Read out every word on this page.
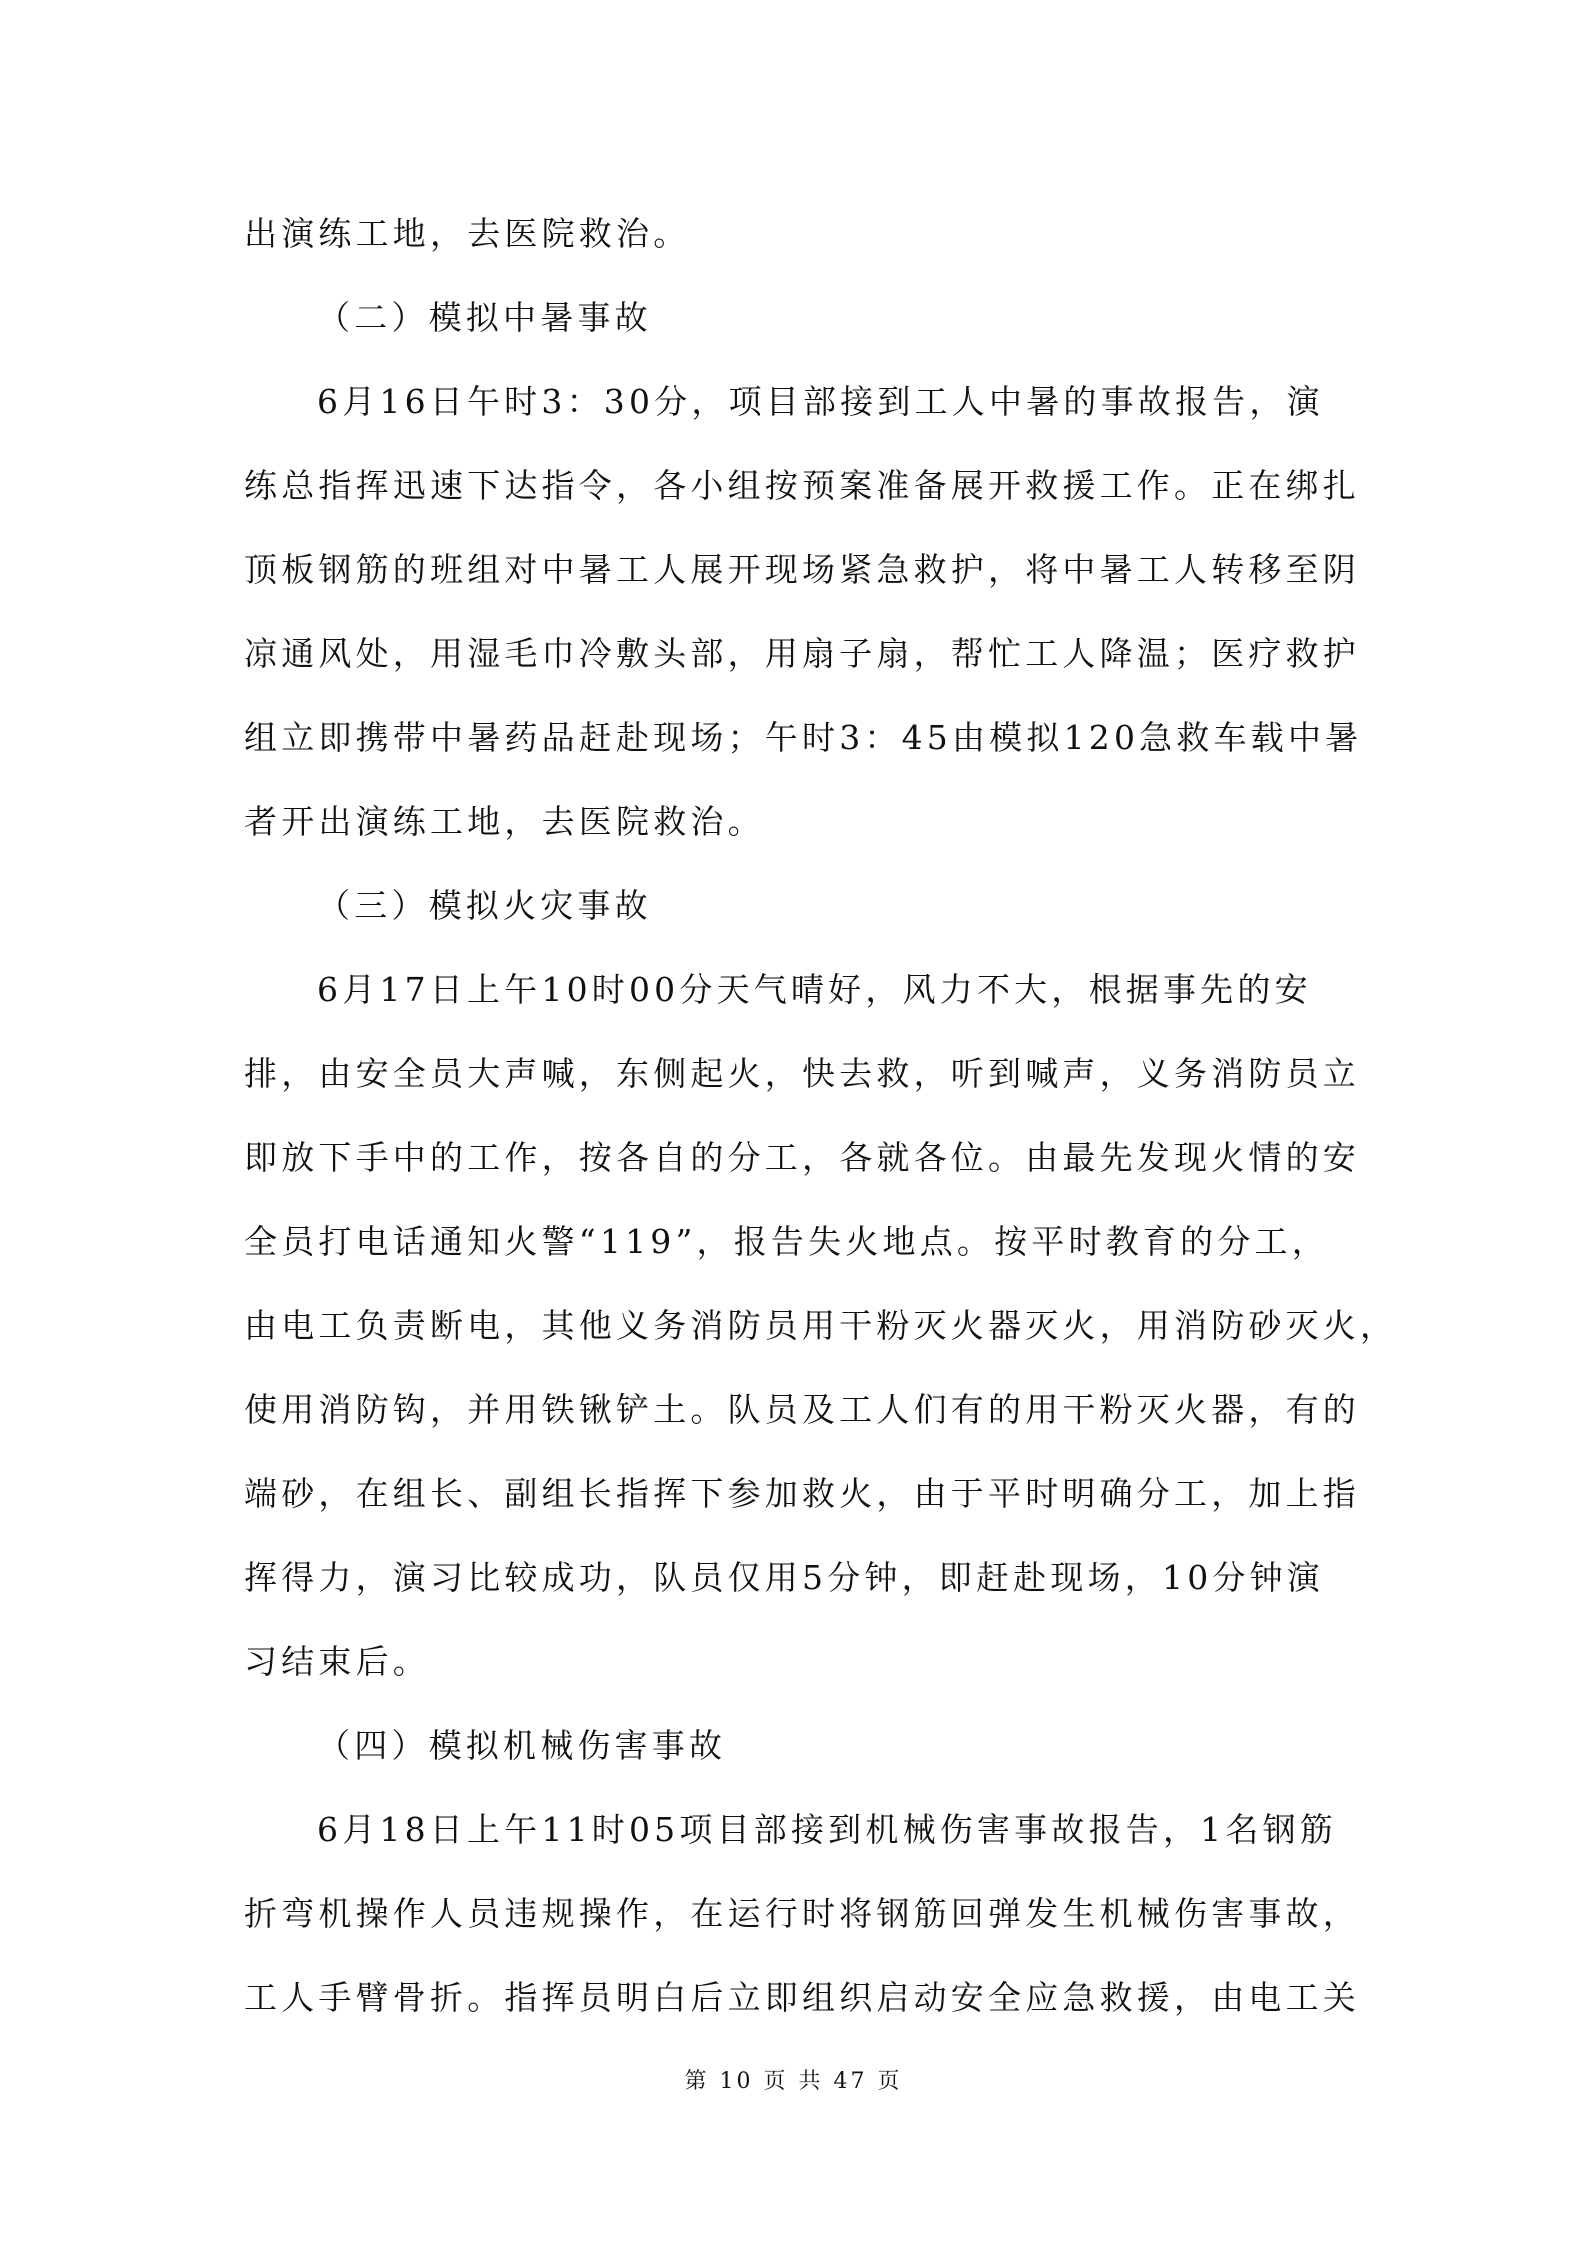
出演练工地，去医院救治。
（二）模拟中暑事故
6月16日午时3：30分，项目部接到工人中暑的事故报告，演
练总指挥迅速下达指令，各小组按预案准备展开救援工作。正在绑扎
顶板钢筋的班组对中暑工人展开现场紧急救护，将中暑工人转移至阴
凉通风处，用湿毛巾冷敷头部，用扇子扇，帮忙工人降温；医疗救护
组立即携带中暑药品赶赴现场；午时3：45由模拟120急救车载中暑
者开出演练工地，去医院救治。
（三）模拟火灾事故
6月17日上午10时00分天气晴好，风力不大，根据事先的安
排，由安全员大声喊，东侧起火，快去救，听到喊声，义务消防员立
即放下手中的工作，按各自的分工，各就各位。由最先发现火情的安
全员打电话通知火警“119”，报告失火地点。按平时教育的分工，
由电工负责断电，其他义务消防员用干粉灭火器灭火，用消防砂灭火，
使用消防钩，并用铁锹铲土。队员及工人们有的用干粉灭火器，有的
端砂，在组长、副组长指挥下参加救火，由于平时明确分工，加上指
挥得力，演习比较成功，队员仅用5分钟，即赶赴现场，10分钟演
习结束后。
（四）模拟机械伤害事故
6月18日上午11时05项目部接到机械伤害事故报告，1名钢筋
折弯机操作人员违规操作，在运行时将钢筋回弹发生机械伤害事故，
工人手臂骨折。指挥员明白后立即组织启动安全应急救援，由电工关
第 10 页 共 47 页
